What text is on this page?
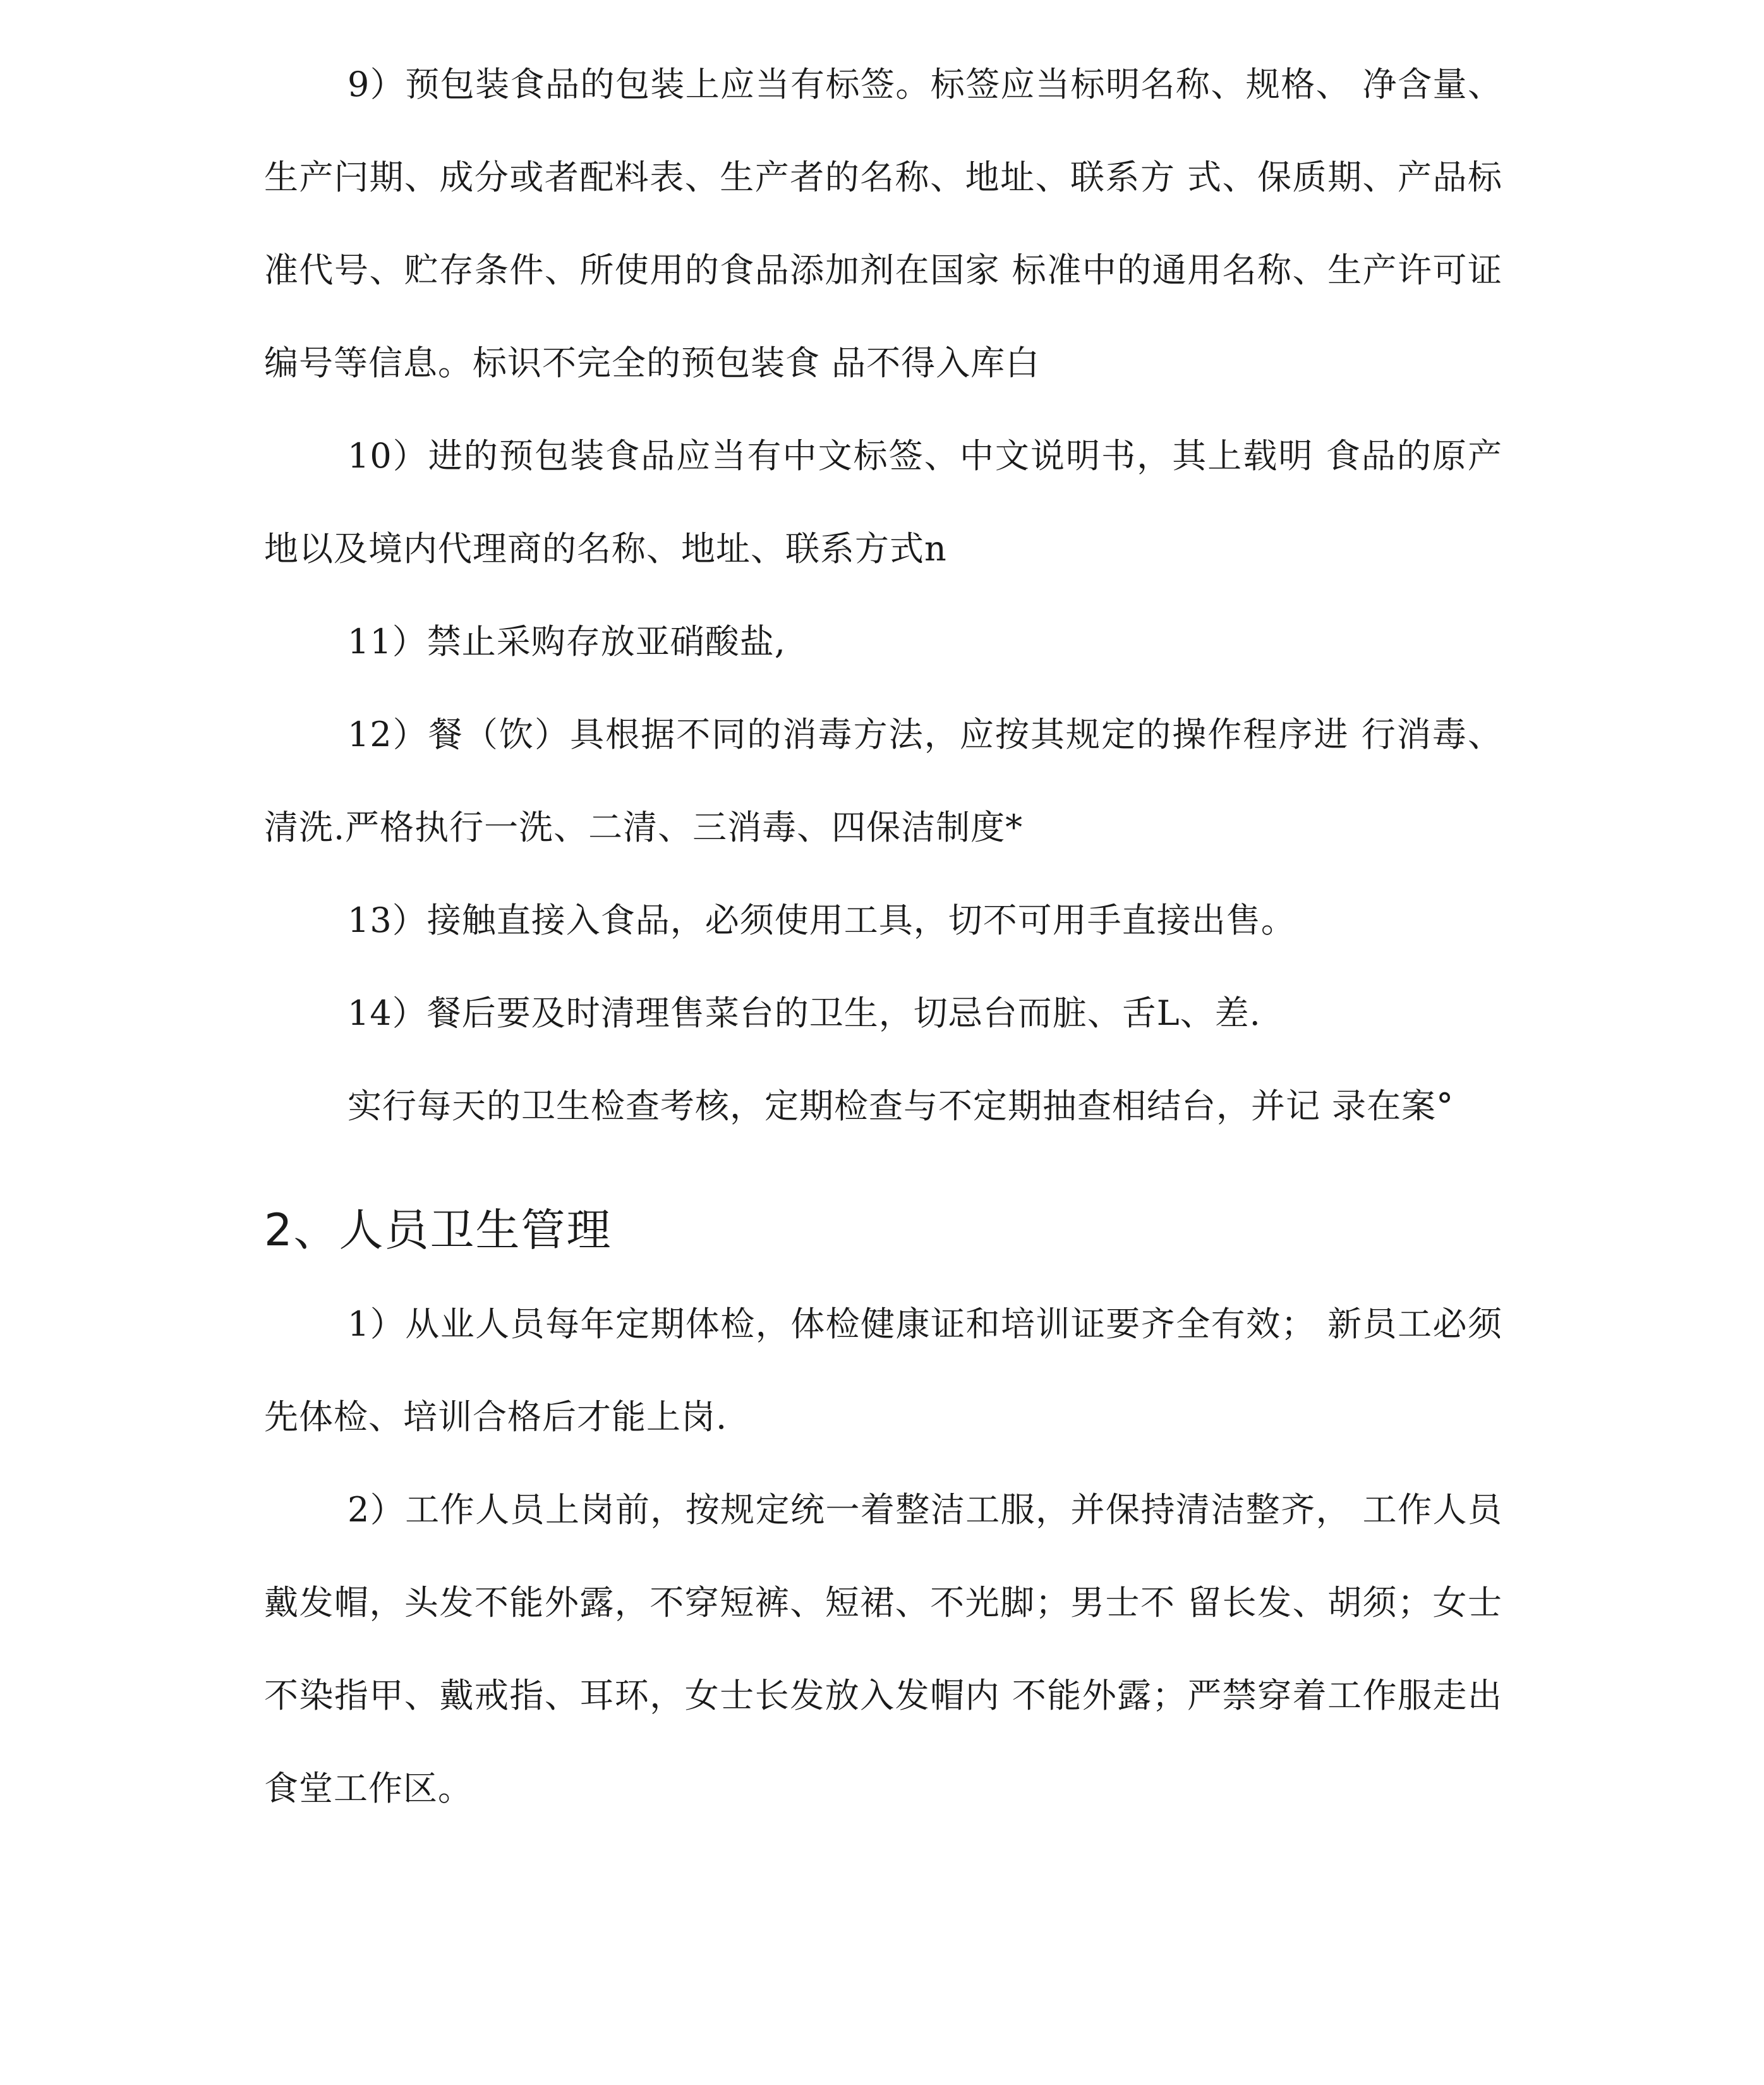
9）预包装食品的包装上应当有标签。标签应当标明名称、规格、 净含量、生产闩期、成分或者配料表、生产者的名称、地址、联系方 式、保质期、产品标准代号、贮存条件、所使用的食品添加剂在国家 标准中的通用名称、生产许可证编号等信息。标识不完全的预包装食 品不得入库白

10）进的预包装食品应当有中文标签、中文说明书，其上载明 食品的原产地以及境内代理商的名称、地址、联系方式n

11）禁止采购存放亚硝酸盐,

12）餐（饮）具根据不同的消毒方法，应按其规定的操作程序进 行消毒、清洗.严格执行一洗、二清、三消毒、四保洁制度*

13）接触直接入食品，必须使用工具，切不可用手直接出售。

14）餐后要及时清理售菜台的卫生，切忌台而脏、舌L、差.

实行每天的卫生检查考核，定期检查与不定期抽查相结台，并记 录在案°

2、人员卫生管理

1）从业人员每年定期体检，体检健康证和培训证要齐全有效； 新员工必须先体检、培训合格后才能上岗.

2）工作人员上岗前，按规定统一着整洁工服，并保持清洁整齐， 工作人员戴发帽，头发不能外露，不穿短裤、短裙、不光脚；男士不 留长发、胡须；女士不染指甲、戴戒指、耳环，女士长发放入发帽内 不能外露；严禁穿着工作服走出食堂工作区。
